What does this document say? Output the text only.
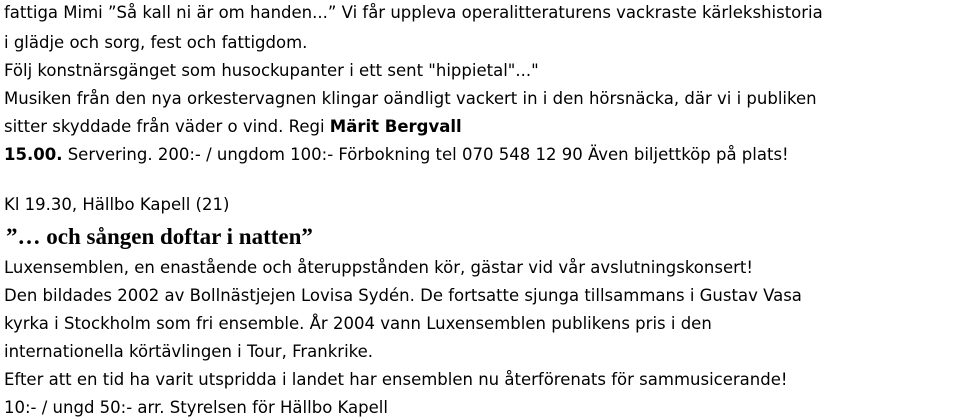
fattiga Mimi ”Så kall ni är om handen...” Vi får uppleva operalitteraturens vackraste kärlekshistoria
i glädje och sorg, fest och fattigdom.
Följ konstnärsgänget som husockupanter i ett sent "hippietal"..."
Musiken från den nya orkestervagnen klingar oändligt vackert in i den hörsnäcka, där vi i publiken
sitter skyddade från väder o vind. Regi Märit Bergvall
15.00. Servering. 200:- / ungdom 100:- Förbokning tel 070 548 12 90 Även biljettköp på plats!
Kl 19.30, Hällbo Kapell (21)
”… och sången doftar i natten”
Luxensemblen, en enastående och återuppstånden kör, gästar vid vår avslutningskonsert!
Den bildades 2002 av Bollnästjejen Lovisa Sydén. De fortsatte sjunga tillsammans i Gustav Vasa
kyrka i Stockholm som fri ensemble. År 2004 vann Luxensemblen publikens pris i den
internationella körtävlingen i Tour, Frankrike.
Efter att en tid ha varit utspridda i landet har ensemblen nu återförenats för sammusicerande!
10:- / ungd 50:- arr. Styrelsen för Hällbo Kapell
